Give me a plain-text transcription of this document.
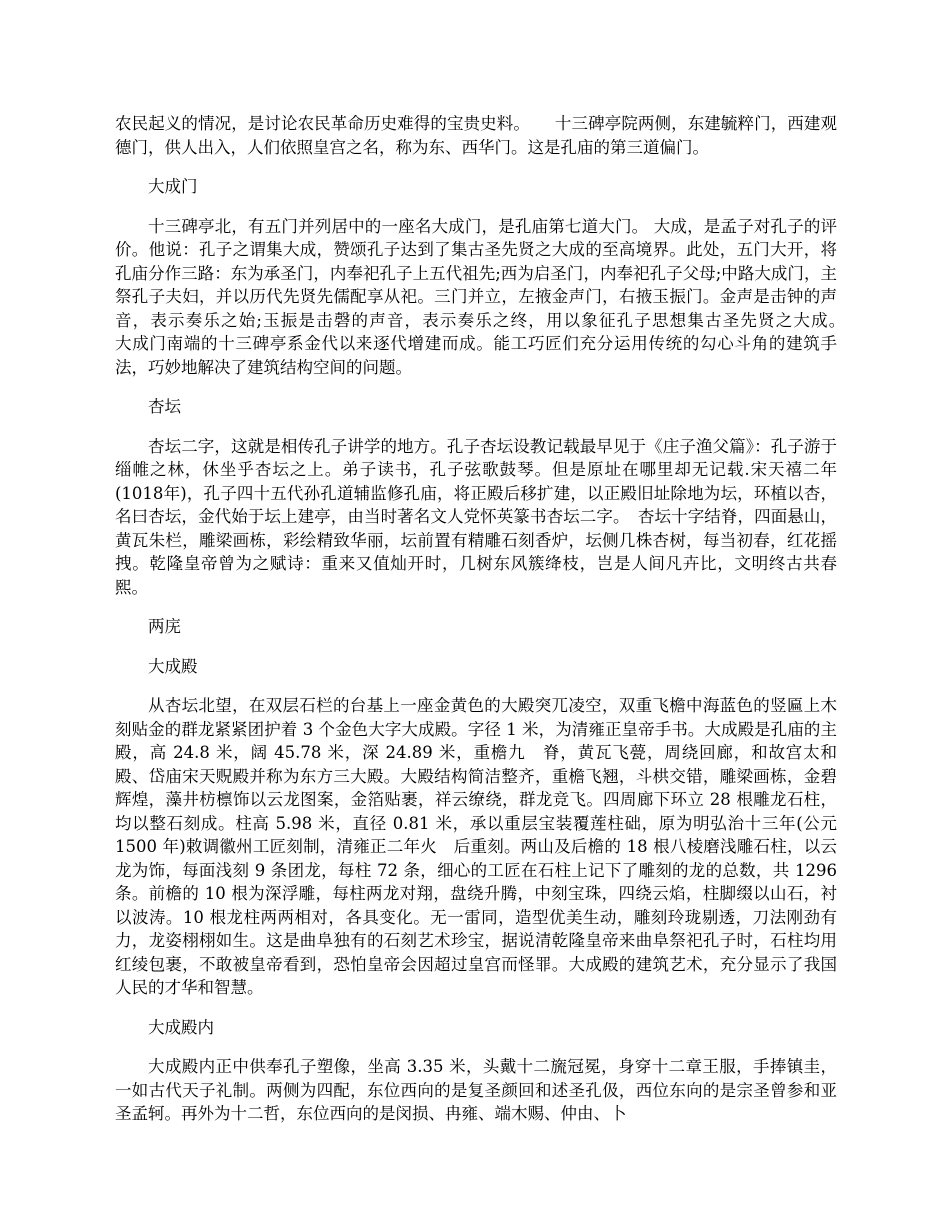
农民起义的情况，是讨论农民革命历史难得的宝贵史料。　　十三碑亭院两侧，东建毓粹门，西建观德门，供人出入，人们依照皇宫之名，称为东、西华门。这是孔庙的第三道偏门。

大成门

十三碑亭北，有五门并列居中的一座名大成门，是孔庙第七道大门。 大成，是孟子对孔子的评价。他说：孔子之谓集大成，赞颂孔子达到了集古圣先贤之大成的至高境界。此处，五门大开，将孔庙分作三路：东为承圣门，内奉祀孔子上五代祖先;西为启圣门，内奉祀孔子父母;中路大成门，主祭孔子夫妇，并以历代先贤先儒配享从祀。三门并立，左掖金声门，右掖玉振门。金声是击钟的声音，表示奏乐之始;玉振是击磬的声音，表示奏乐之终，用以象征孔子思想集古圣先贤之大成。　　大成门南端的十三碑亭系金代以来逐代增建而成。能工巧匠们充分运用传统的勾心斗角的建筑手法，巧妙地解决了建筑结构空间的问题。

杏坛

杏坛二字，这就是相传孔子讲学的地方。孔子杏坛设教记载最早见于《庄子渔父篇》：孔子游于缁帷之林，休坐乎杏坛之上。弟子读书，孔子弦歌鼓琴。但是原址在哪里却无记载.宋天禧二年　(1018年)，孔子四十五代孙孔道辅监修孔庙，将正殿后移扩建，以正殿旧址除地为坛，环植以杏，名曰杏坛，金代始于坛上建亭，由当时著名文人党怀英篆书杏坛二字。　杏坛十字结脊，四面悬山，黄瓦朱栏，雕梁画栋，彩绘精致华丽，坛前置有精雕石刻香炉，坛侧几株杏树，每当初春，红花摇拽。乾隆皇帝曾为之赋诗：重来又值灿开时，几树东风簇绛枝，岂是人间凡卉比，文明终古共春熙。

两庑

大成殿

从杏坛北望，在双层石栏的台基上一座金黄色的大殿突兀凌空，双重飞檐中海蓝色的竖匾上木刻贴金的群龙紧紧团护着 3 个金色大字大成殿。字径 1 米，为清雍正皇帝手书。大成殿是孔庙的主殿，高 24.8 米，阔 45.78 米，深 24.89 米，重檐九　脊，黄瓦飞甍，周绕回廊，和故宫太和殿、岱庙宋天贶殿并称为东方三大殿。大殿结构简洁整齐，重檐飞翘，斗栱交错，雕梁画栋，金碧辉煌，藻井枋檩饰以云龙图案，金箔贴裹，祥云缭绕，群龙竞飞。四周廊下环立 28 根雕龙石柱，均以整石刻成。柱高 5.98 米，直径 0.81 米，承以重层宝装覆莲柱础，原为明弘治十三年(公元 1500 年)敕调徽州工匠刻制，清雍正二年火　后重刻。两山及后檐的 18 根八棱磨浅雕石柱，以云龙为饰，每面浅刻 9 条团龙，每柱 72 条，细心的工匠在石柱上记下了雕刻的龙的总数，共 1296 条。前檐的 10 根为深浮雕，每柱两龙对翔，盘绕升腾，中刻宝珠，四绕云焰，柱脚缀以山石，衬以波涛。10 根龙柱两两相对，各具变化。无一雷同，造型优美生动，雕刻玲珑剔透，刀法刚劲有力，龙姿栩栩如生。这是曲阜独有的石刻艺术珍宝，据说清乾隆皇帝来曲阜祭祀孔子时，石柱均用红绫包裹，不敢被皇帝看到，恐怕皇帝会因超过皇宫而怪罪。大成殿的建筑艺术，充分显示了我国人民的才华和智慧。

大成殿内

大成殿内正中供奉孔子塑像，坐高 3.35 米，头戴十二旒冠冕，身穿十二章王服，手捧镇圭，一如古代天子礼制。两侧为四配，东位西向的是复圣颜回和述圣孔伋，西位东向的是宗圣曾参和亚圣孟轲。再外为十二哲，东位西向的是闵损、冉雍、端木赐、仲由、卜
